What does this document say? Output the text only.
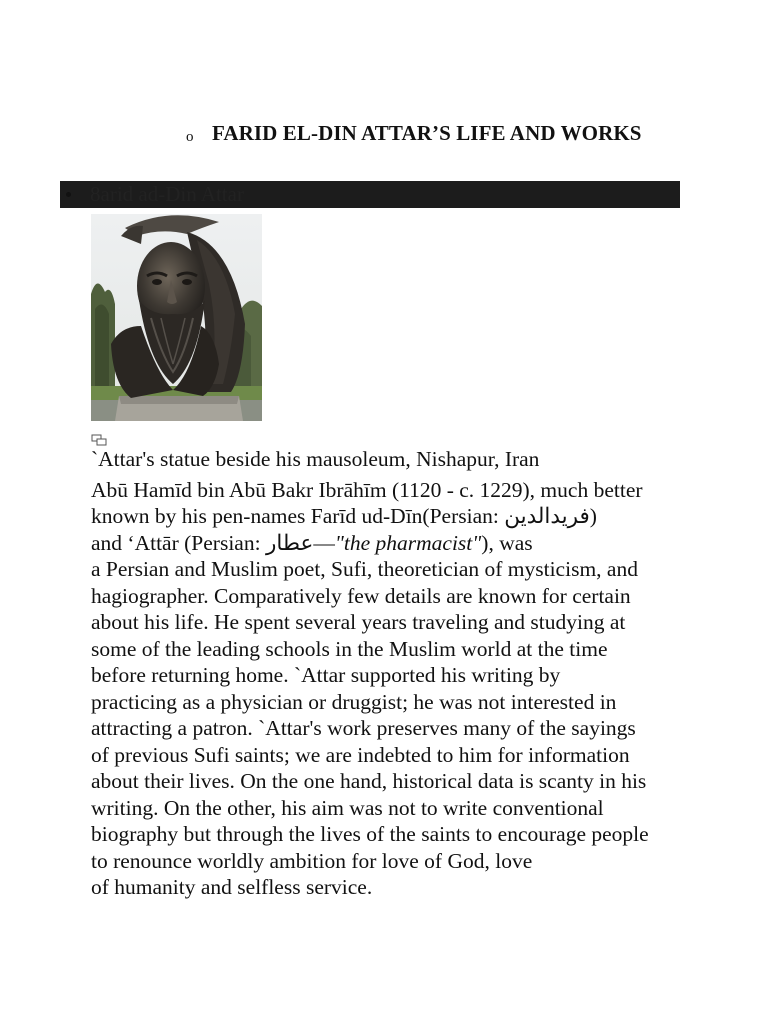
o FARID EL-DIN ATTAR’S LIFE AND WORKS
8arid ad-Din Attar
`Attar's statue beside his mausoleum, Nishapur, Iran
Abū Hamīd bin Abū Bakr Ibrāhīm (1120 - c. 1229), much better
known by his pen-names Farīd ud-Dīn(Persian: فریدالدین)
and ‘Attār (Persian: عطار—"the pharmacist"), was
a Persian and Muslim poet, Sufi, theoretician of mysticism, and
hagiographer. Comparatively few details are known for certain
about his life. He spent several years traveling and studying at
some of the leading schools in the Muslim world at the time
before returning home. `Attar supported his writing by
practicing as a physician or druggist; he was not interested in
attracting a patron. `Attar's work preserves many of the sayings
of previous Sufi saints; we are indebted to him for information
about their lives. On the one hand, historical data is scanty in his
writing. On the other, his aim was not to write conventional
biography but through the lives of the saints to encourage people
to renounce worldly ambition for love of God, love
of humanity and selfless service.
